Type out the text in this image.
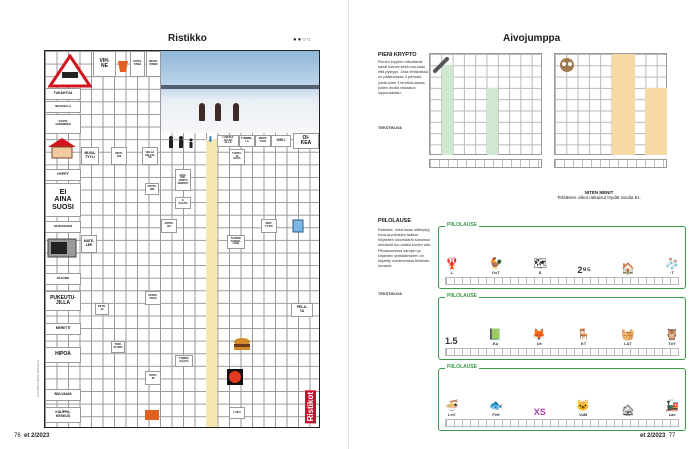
Ristikko	●●○○
LAATINUT MERI TORVELA
VIH-
NE
KUTIS-
TÄMÄ
SIIVAP-
PINEN
TUKAHTUA
NEULEELLA
KASTE
VIHKIMINEN
MUSA-
TYYLI
MOTI-
VOI
HELLA
SELLIS-
SÄ
⬇	LUISTAA JALAN
ALLA
TUMMEL-
LA
MOOT-
TAVA	KIELI	OI-
KEA
TUNTU-
JA
KASA
HYPPY
EI
AINA
SUOSI
ASIA-
KIR-
JOISTA
ANNOS?
OSTOI-
HIN
E
VAATIA
SILMUKKAKIN
MATE-
LEE
JUNTA-
VIA
ERIT-
TYVIÄ
KURSSI
TURVAL-
LISIA
RÄJÄHDE
PUKEUTU-
JILLA
PETO-
JA
KURIS-
TAVIA
PELA-
TA
MERIITTI
HIPOA
TORI-
SI ODO
TAITU-
RI
YTIMEK-
KÄÄTÄ
BULVAANI
KAUPPA-
KESKUS
LUKU	Ristikot
76 et 2/2023
Aivojumppa
PIENI KRYPTO
Pienen krypton ratkottavat sanat tulevat sekä vaa-kaan että pystyyn. Joka tehtävässä on pääkuvassa 3 piirrosta joista tulee 3 tehtävä-sanaa, joiden avulla ratkaisun loppuratkaisu.
TEKSTIKUVA
NITEN MENIT
Tehtävien viikot ratkaisut löydät sivulta 81.
PIILOLAUSE
Ratkaise, mikä lause kätkeytyy kuva-arvoitusten taakse. Kirjainten lukumäärät sanoissa selviävät ruu-duista kuvien alla. Piilolauseessa sanojen ja kirjainten yhdistämiseen on käytetty useammasta tehtävän kuvasta.
TEKSTIKUVA
PIILOLAUSE
🦞
-L
🐓
OsT
🗺
Ä	2⁹⁵	🏠	🧦
·T
PIILOLAUSE
1.5	📗
-Ku
🦊
Ue
🪑
KT
🧺
LAT
🦉
ToY
PIILOLAUSE
🍜
LeV
🐟
FeK	XS	🐱
VoM	🏚	🚂
Lae
et 2/2023 77
